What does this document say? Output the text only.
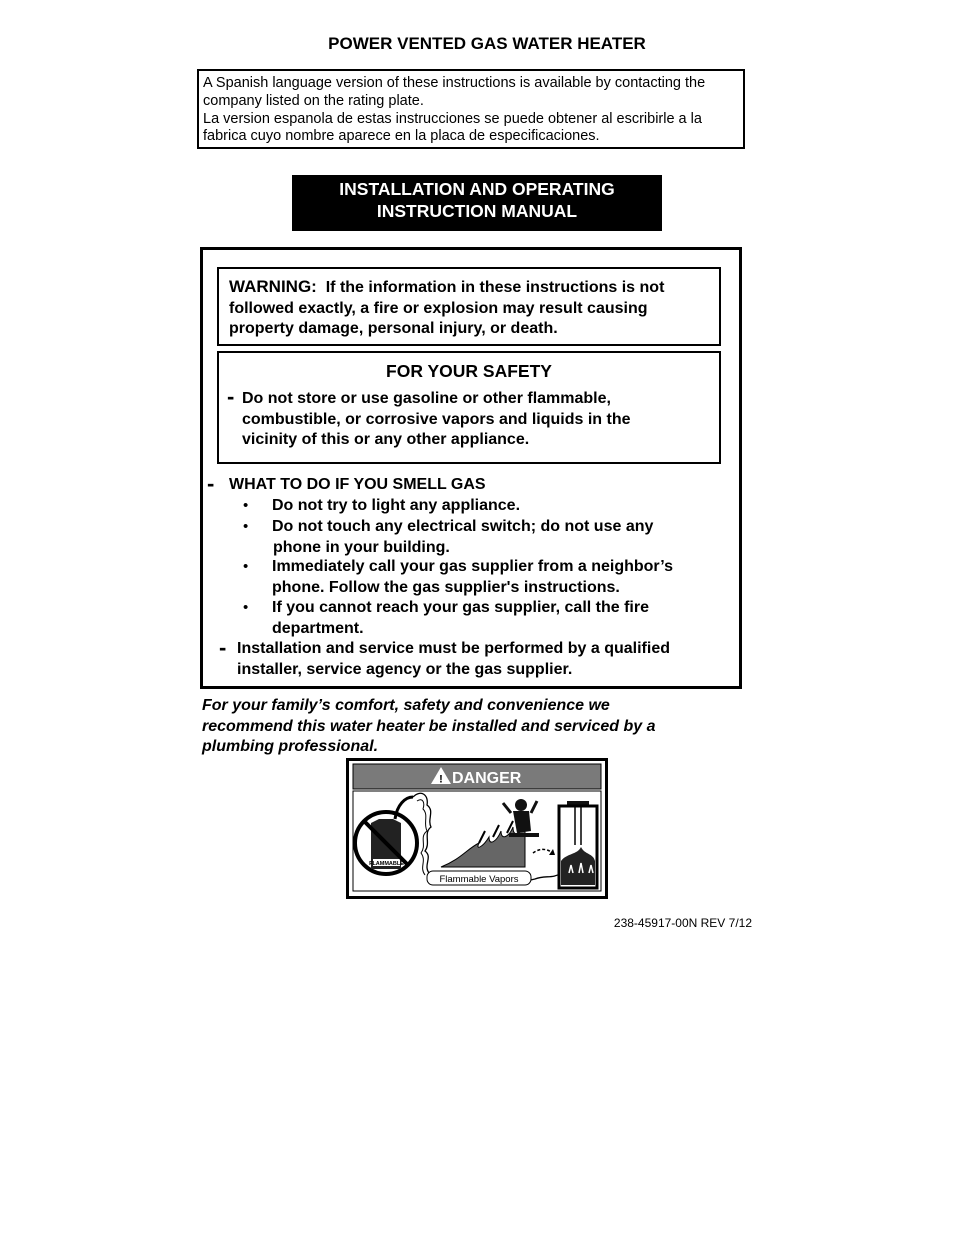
POWER VENTED GAS WATER HEATER
A Spanish language version of these instructions is available by contacting the
company listed on the rating plate.
La version espanola de estas instrucciones se puede obtener al escribirle a la
fabrica cuyo nombre aparece en la placa de especificaciones.
INSTALLATION AND OPERATING
INSTRUCTION MANUAL
WARNING: If the information in these instructions is not
followed exactly, a fire or explosion may result causing
property damage, personal injury, or death.
FOR YOUR SAFETY
- Do not store or use gasoline or other flammable,
combustible, or corrosive vapors and liquids in the
vicinity of this or any other appliance.
- WHAT TO DO IF YOU SMELL GAS
• Do not try to light any appliance.
• Do not touch any electrical switch; do not use any
phone in your building.
• Immediately call your gas supplier from a neighbor’s
phone. Follow the gas supplier's instructions.
• If you cannot reach your gas supplier, call the fire
department.
- Installation and service must be performed by a qualified
installer, service agency or the gas supplier.
For your family’s comfort, safety and convenience we
recommend this water heater be installed and serviced by a
plumbing professional.
! DANGER
FLAMMABLE
Flammable Vapors
238-45917-00N REV 7/12
